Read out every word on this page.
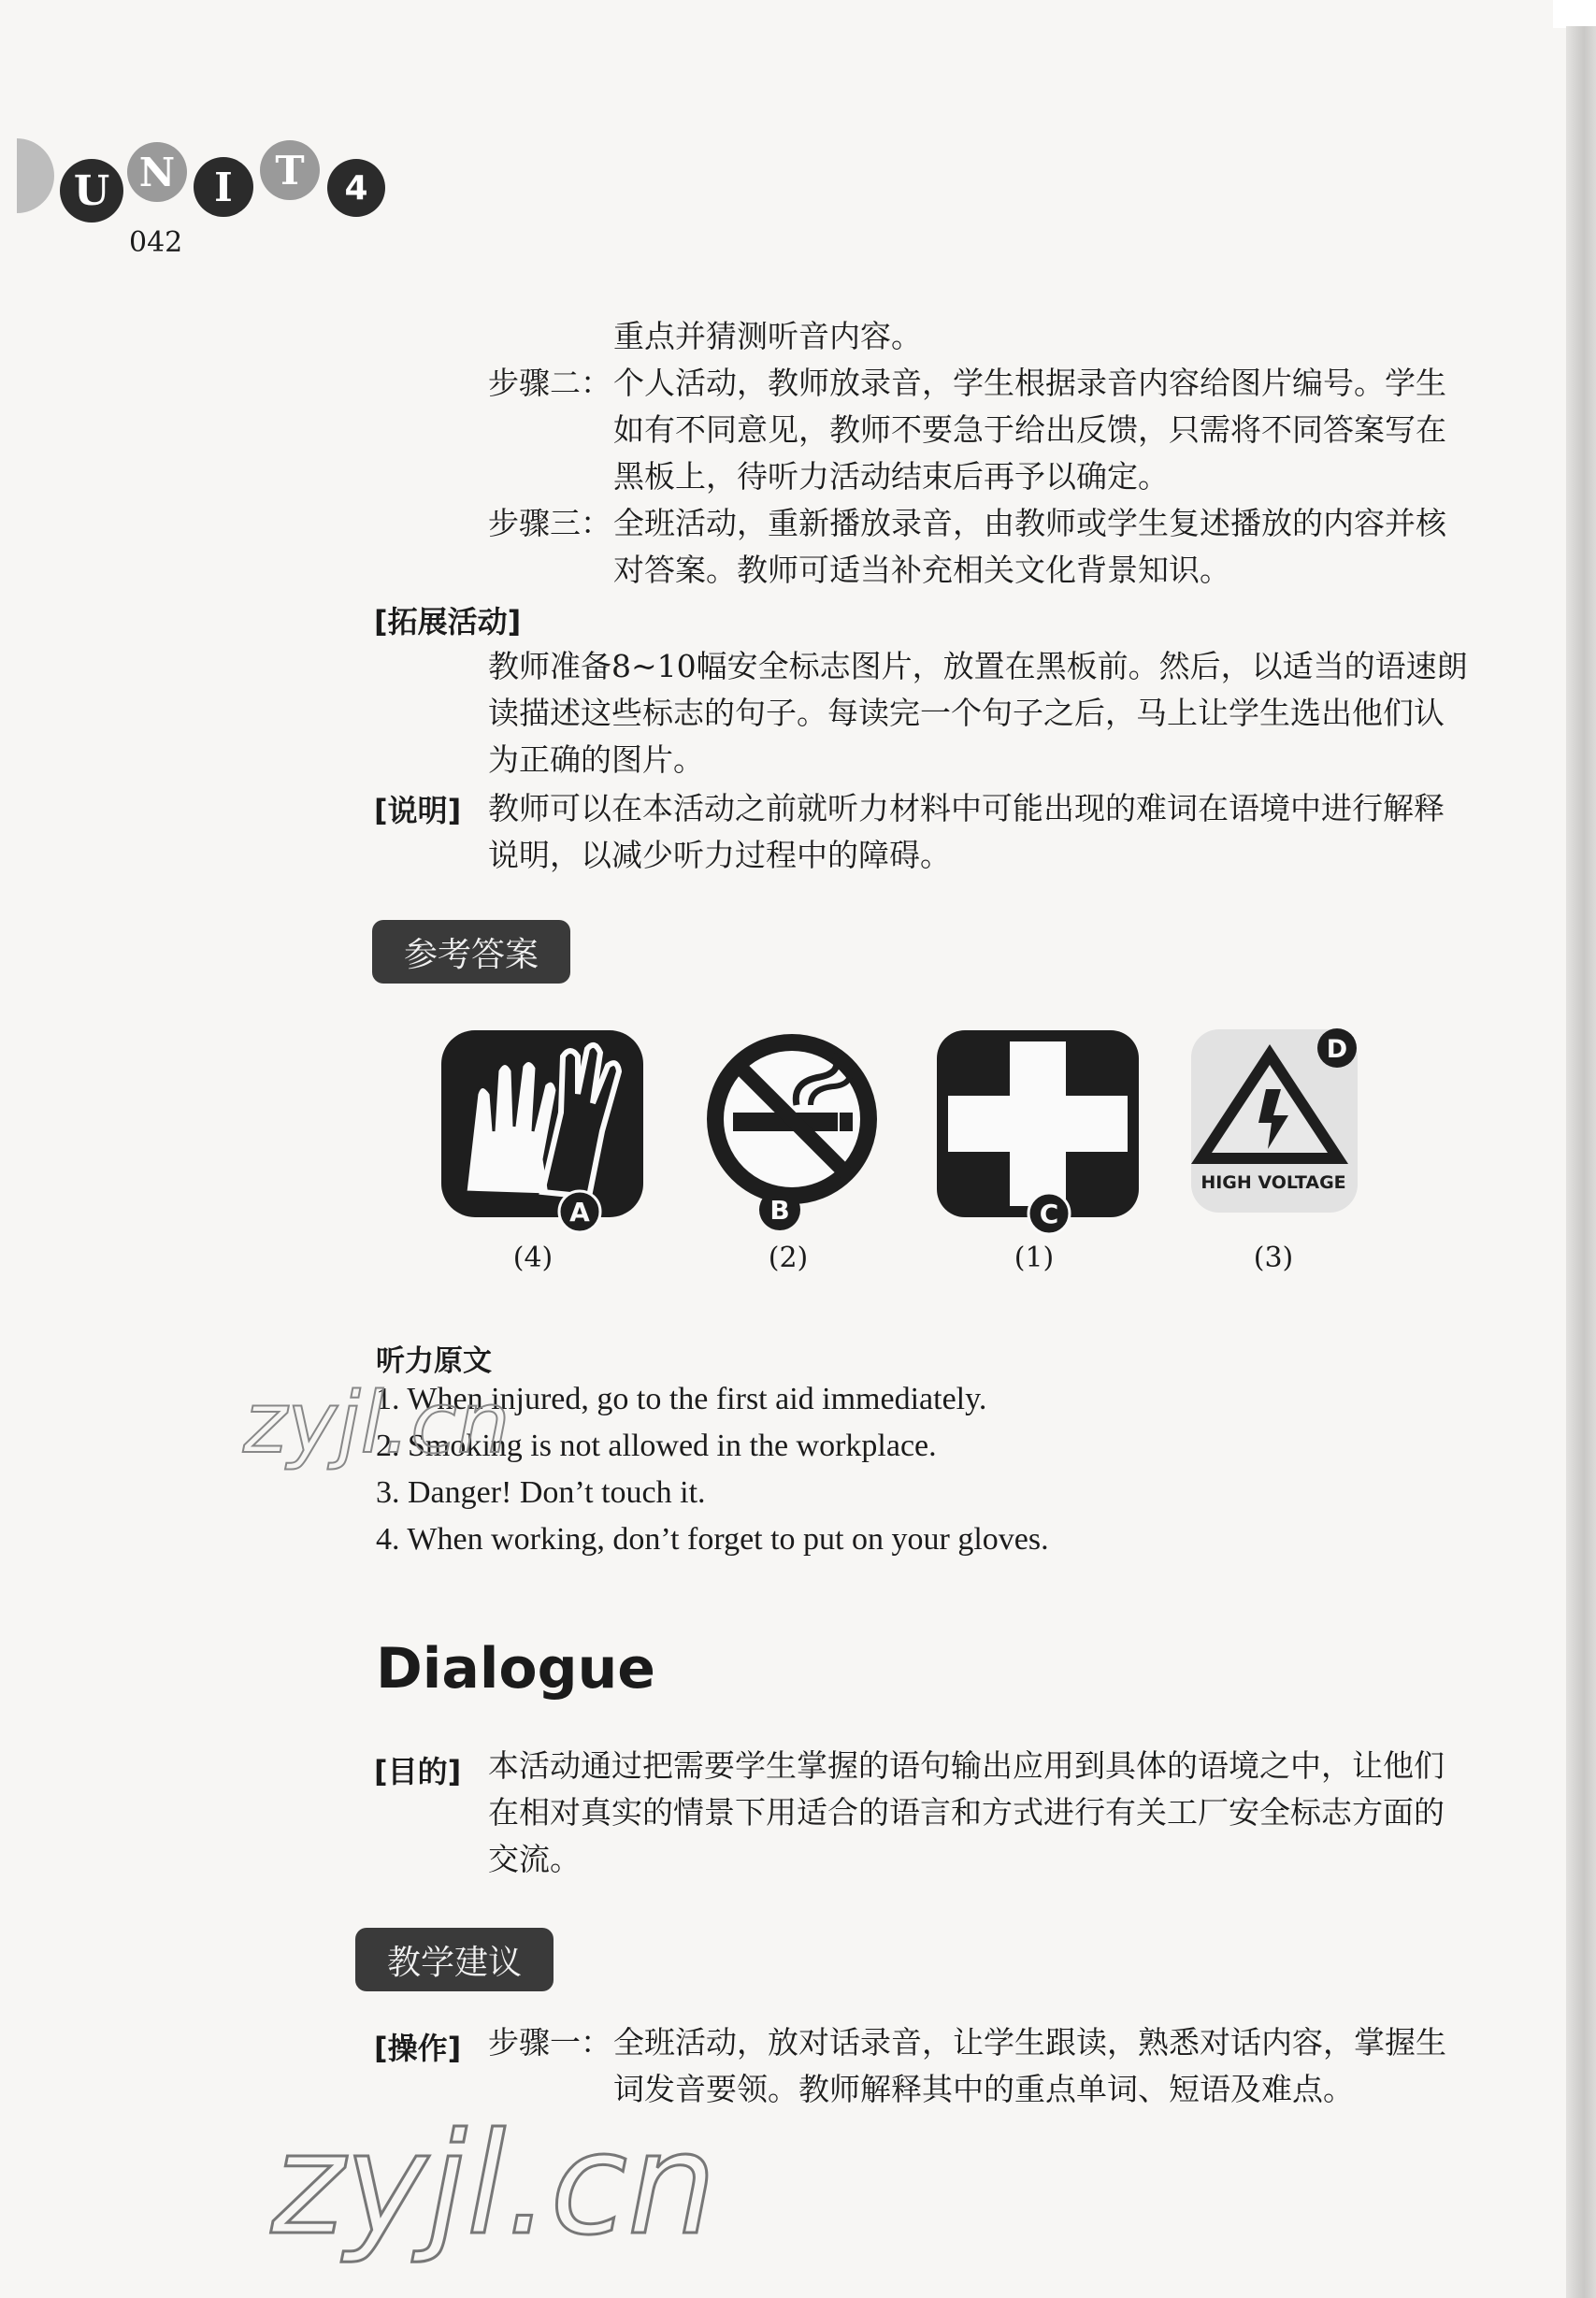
U N I	T	4
042
重点并猜测听音内容。
步骤二： 个人活动，教师放录音，学生根据录音内容给图片编号。学生
如有不同意见，教师不要急于给出反馈，只需将不同答案写在
黑板上，待听力活动结束后再予以确定。
步骤三： 全班活动，重新播放录音，由教师或学生复述播放的内容并核
对答案。教师可适当补充相关文化背景知识。
[拓展活动]
教师准备8~10幅安全标志图片，放置在黑板前。然后，以适当的语速朗
读描述这些标志的句子。每读完一个句子之后，马上让学生选出他们认
为正确的图片。
[说明] 教师可以在本活动之前就听力材料中可能出现的难词在语境中进行解释
说明，以减少听力过程中的障碍。
参考答案
A
(4)
B
(2)
C
(1)
HIGH VOLTAGE
D
(3)
听力原文
1. When injured, go to the first aid immediately.
2. Smoking is not allowed in the workplace.
3. Danger! Don’t touch it.
4. When working, don’t forget to put on your gloves.
Dialogue
[目的] 本活动通过把需要学生掌握的语句输出应用到具体的语境之中，让他们
在相对真实的情景下用适合的语言和方式进行有关工厂安全标志方面的
交流。
教学建议
[操作] 步骤一： 全班活动，放对话录音，让学生跟读，熟悉对话内容，掌握生
词发音要领。教师解释其中的重点单词、短语及难点。
zyjl.cn
zyjl.cn
